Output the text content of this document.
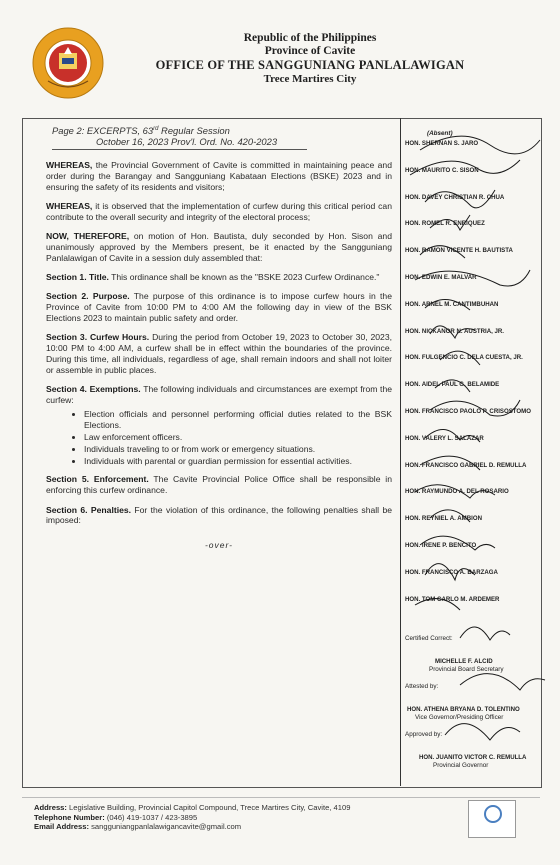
Republic of the Philippines
Province of Cavite
OFFICE OF THE SANGGUNIANG PANLALAWIGAN
Trece Martires City
Page 2: EXCERPTS, 63rd Regular Session
October 16, 2023 Prov'l. Ord. No. 420-2023

WHEREAS, the Provincial Government of Cavite is committed in maintaining peace and order during the Barangay and Sangguniang Kabataan Elections (BSKE) 2023 and in ensuring the safety of its residents and visitors;

WHEREAS, it is observed that the implementation of curfew during this critical period can contribute to the overall security and integrity of the electoral process;

NOW, THEREFORE, on motion of Hon. Bautista, duly seconded by Hon. Sison and unanimously approved by the Members present, be it enacted by the Sangguniang Panlalawigan of Cavite in a session duly assembled that:

Section 1. Title. This ordinance shall be known as the "BSKE 2023 Curfew Ordinance."

Section 2. Purpose. The purpose of this ordinance is to impose curfew hours in the Province of Cavite from 10:00 PM to 4:00 AM the following day in view of the BSK Elections 2023 to maintain public safety and order.

Section 3. Curfew Hours. During the period from October 19, 2023 to October 30, 2023, 10:00 PM to 4:00 AM, a curfew shall be in effect within the boundaries of the province. During this time, all individuals, regardless of age, shall remain indoors and shall not loiter or assemble in public places.

Section 4. Exemptions. The following individuals and circumstances are exempt from the curfew:

• Election officials and personnel performing official duties related to the BSK Elections.
• Law enforcement officers.
• Individuals traveling to or from work or emergency situations.
• Individuals with parental or guardian permission for essential activities.

Section 5. Enforcement. The Cavite Provincial Police Office shall be responsible in enforcing this curfew ordinance.

Section 6. Penalties. For the violation of this ordinance, the following penalties shall be imposed:

-over-
(Absent)
HON. SHERNAN S. JARO
HON. MAURITO C. SISON
HON. DAVEY CHRISTIAN R. CHUA
HON. ROMEL R. ENRIQUEZ
HON. RAMON VICENTE H. BAUTISTA
HON. EDWIN E. MALVAR
HON. ARNEL M. CANTIMBUHAN
HON. NICKANOR N. AUSTRIA, JR.
HON. FULGENCIO C. DELA CUESTA, JR.
HON. AIDEL PAUL G. BELAMIDE
HON. FRANCISCO PAOLO P. CRISOSTOMO
HON. VALERY L. SALAZAR
HON. FRANCISCO GABRIEL D. REMULLA
HON. RAYMUNDO A. DEL ROSARIO
HON. REYNIEL A. AMBION
HON. IRENE P. BENCITO
HON. FRANCISCO A. BARZAGA
HON. TOM CARLO M. ARDEMER
Certified Correct:
MICHELLE F. ALCID
Provincial Board Secretary
Attested by:
HON. ATHENA BRYANA D. TOLENTINO
Vice Governor/Presiding Officer
Approved by:
HON. JUANITO VICTOR C. REMULLA
Provincial Governor
Address: Legislative Building, Provincial Capitol Compound, Trece Martires City, Cavite, 4109
Telephone Number: (046) 419-1037 / 423-3895
Email Address: sangguniangpanlalawigancavite@gmail.com
